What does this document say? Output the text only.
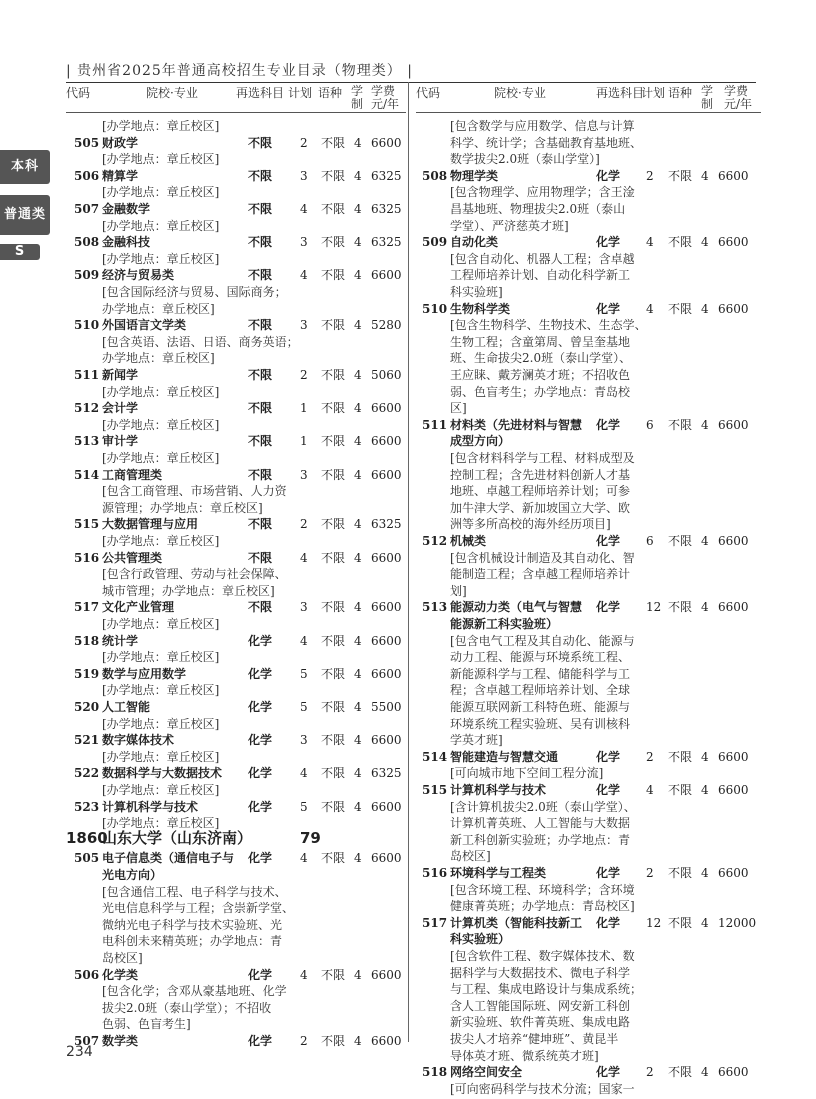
| 贵州省2025年普通高校招生专业目录（物理类） |
本科
普通类
S
代码	院校·专业	再选科目 计划 语种 学
制
学费
元/年
代码	院校·专业	再选科目
计划 语种 学
制
学费
元/年
[办学地点：章丘校区]
505 财政学	不限 2 不限 4 6600
[办学地点：章丘校区]
506 精算学	不限 3 不限 4 6325
[办学地点：章丘校区]
507 金融数学	不限 4 不限 4 6325
[办学地点：章丘校区]
508 金融科技	不限 3 不限 4 6325
[办学地点：章丘校区]
509 经济与贸易类	不限 4 不限 4 6600
[包含国际经济与贸易、国际商务；
办学地点：章丘校区]
510 外国语言文学类	不限 3 不限 4 5280
[包含英语、法语、日语、商务英语；
办学地点：章丘校区]
511 新闻学	不限 2 不限 4 5060
[办学地点：章丘校区]
512 会计学	不限 1 不限 4 6600
[办学地点：章丘校区]
513 审计学	不限 1 不限 4 6600
[办学地点：章丘校区]
514 工商管理类	不限 3 不限 4 6600
[包含工商管理、市场营销、人力资
源管理；办学地点：章丘校区]
515 大数据管理与应用	不限 2 不限 4 6325
[办学地点：章丘校区]
516 公共管理类	不限 4 不限 4 6600
[包含行政管理、劳动与社会保障、
城市管理；办学地点：章丘校区]
517 文化产业管理	不限 3 不限 4 6600
[办学地点：章丘校区]
518 统计学	化学 4 不限 4 6600
[办学地点：章丘校区]
519 数学与应用数学	化学 5 不限 4 6600
[办学地点：章丘校区]
520 人工智能	化学 5 不限 4 5500
[办学地点：章丘校区]
521 数字媒体技术	化学 3 不限 4 6600
[办学地点：章丘校区]
522 数据科学与大数据技术 化学 4 不限 4 6325
[办学地点：章丘校区]
523 计算机科学与技术	化学 5 不限 4 6600
[办学地点：章丘校区]
1860
山东大学（山东济南）	79
505 电子信息类（通信电子与 化学 4 不限 4 6600
光电方向）
[包含通信工程、电子科学与技术、
光电信息科学与工程；含崇新学堂、
微纳光电子科学与技术实验班、光
电科创未来精英班；办学地点：青
岛校区]
506 化学类	化学 4 不限 4 6600
[包含化学；含邓从豪基地班、化学
拔尖2.0班（泰山学堂）；不招收
色弱、色盲考生]
507 数学类	化学 2 不限 4 6600
[包含数学与应用数学、信息与计算
科学、统计学；含基础教育基地班、
数学拔尖2.0班（泰山学堂）]
508 物理学类	化学 2 不限 4 6600
[包含物理学、应用物理学；含王淦
昌基地班、物理拔尖2.0班（泰山
学堂）、严济慈英才班]
509 自动化类	化学 4 不限 4 6600
[包含自动化、机器人工程；含卓越
工程师培养计划、自动化科学新工
科实验班]
510 生物科学类	化学 4 不限 4 6600
[包含生物科学、生物技术、生态学、
生物工程；含童第周、曾呈奎基地
班、生命拔尖2.0班（泰山学堂）、
王应睐、戴芳澜英才班；不招收色
弱、色盲考生；办学地点：青岛校
区]
511 材料类（先进材料与智慧 化学 6 不限 4 6600
成型方向）
[包含材料科学与工程、材料成型及
控制工程；含先进材料创新人才基
地班、卓越工程师培养计划；可参
加牛津大学、新加坡国立大学、欧
洲等多所高校的海外经历项目]
512 机械类	化学 6 不限 4 6600
[包含机械设计制造及其自动化、智
能制造工程；含卓越工程师培养计
划]
513 能源动力类（电气与智慧 化学 12 不限 4 6600
能源新工科实验班）
[包含电气工程及其自动化、能源与
动力工程、能源与环境系统工程、
新能源科学与工程、储能科学与工
程；含卓越工程师培养计划、全球
能源互联网新工科特色班、能源与
环境系统工程实验班、吴有训核科
学英才班]
514 智能建造与智慧交通	化学 2 不限 4 6600
[可向城市地下空间工程分流]
515 计算机科学与技术	化学 4 不限 4 6600
[含计算机拔尖2.0班（泰山学堂）、
计算机菁英班、人工智能与大数据
新工科创新实验班；办学地点：青
岛校区]
516 环境科学与工程类	化学 2 不限 4 6600
[包含环境工程、环境科学；含环境
健康菁英班；办学地点：青岛校区]
517 计算机类（智能科技新工 化学 12 不限 4 12000
科实验班）
[包含软件工程、数字媒体技术、数
据科学与大数据技术、微电子科学
与工程、集成电路设计与集成系统；
含人工智能国际班、网安新工科创
新实验班、软件菁英班、集成电路
拔尖人才培养“健坤班”、黄昆半
导体英才班、微系统英才班]
518 网络空间安全	化学 2 不限 4 6600
[可向密码科学与技术分流；国家一
234
